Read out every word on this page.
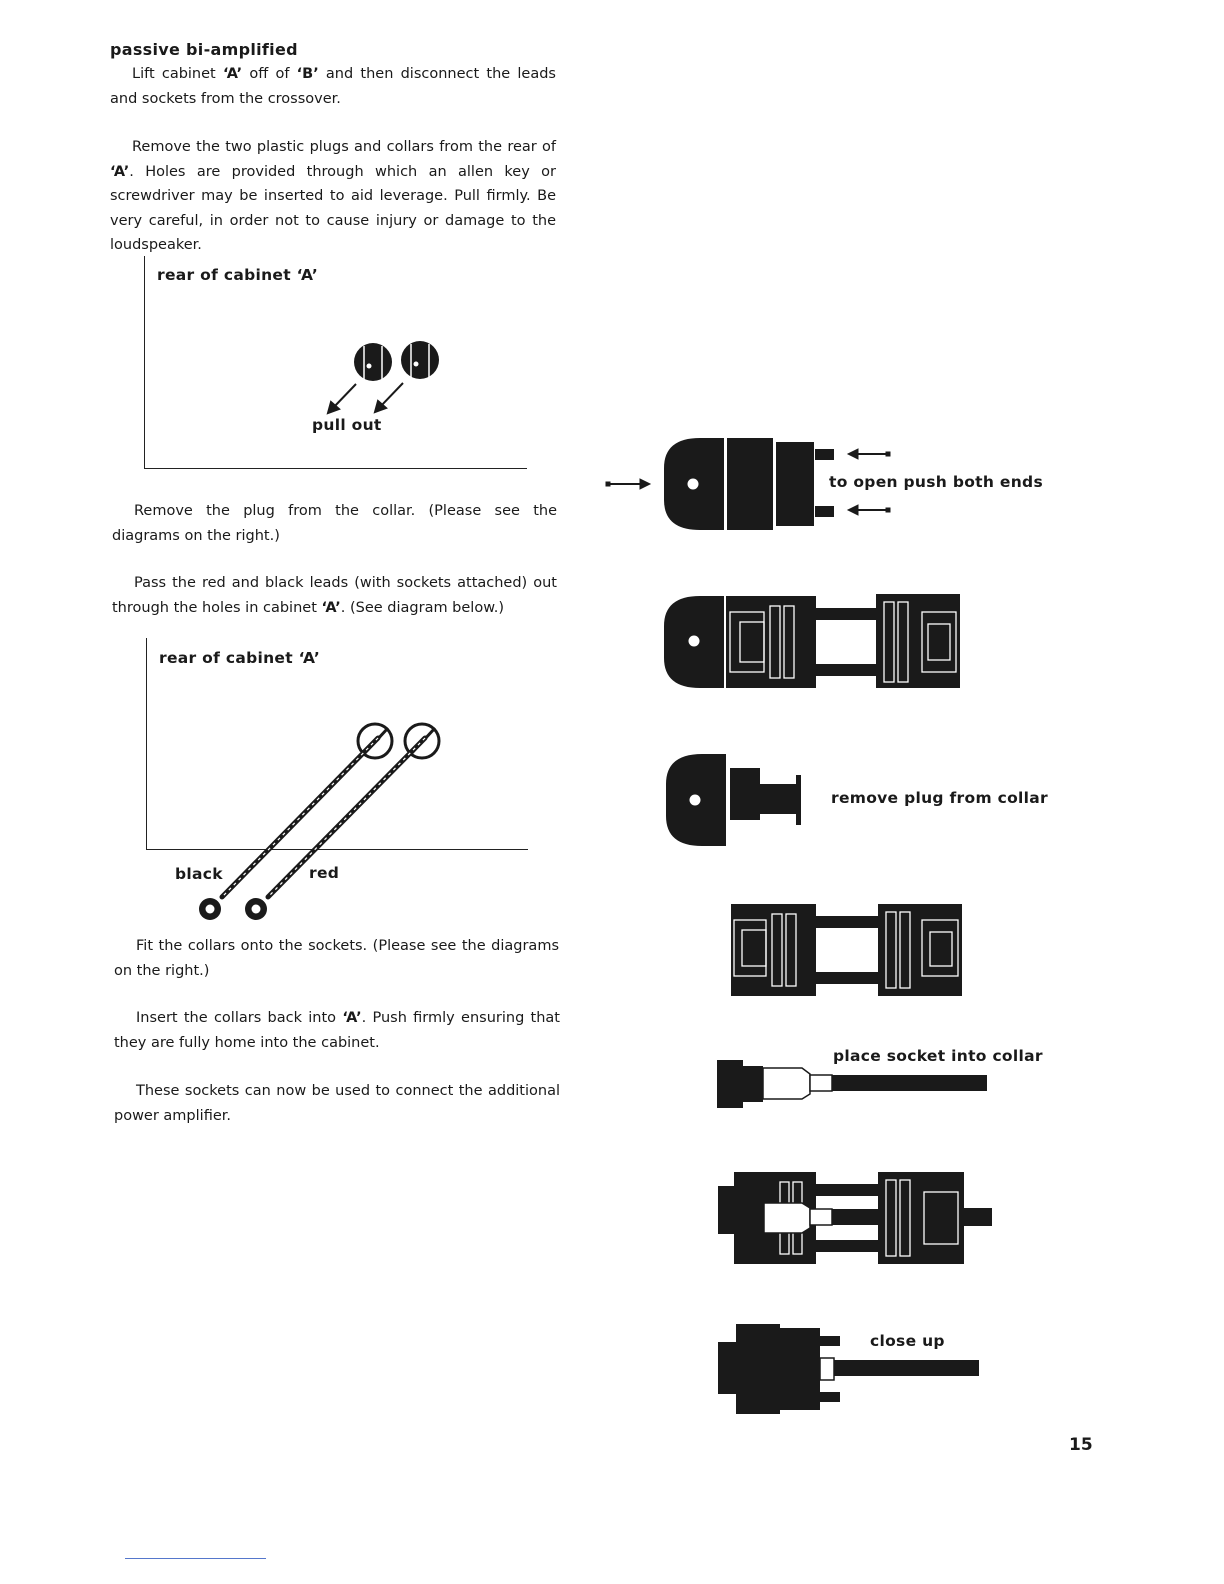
passive bi-amplified
Lift cabinet ‘A’ off of ‘B’ and then disconnect the leads and sockets from the crossover.
Remove the two plastic plugs and collars from the rear of ‘A’. Holes are provided through which an allen key or screwdriver may be inserted to aid leverage. Pull firmly. Be very careful, in order not to cause injury or damage to the loudspeaker.
rear of cabinet ‘A’
pull out
Remove the plug from the collar. (Please see the diagrams on the right.)
Pass the red and black leads (with sockets attached) out through the holes in cabinet ‘A’. (See diagram below.)
rear of cabinet ‘A’
black	red
Fit the collars onto the sockets. (Please see the diagrams on the right.)
Insert the collars back into ‘A’. Push firmly ensuring that they are fully home into the cabinet.
These sockets can now be used to connect the additional power amplifier.
to open push both ends
remove plug from collar
place socket into collar
close up
15
